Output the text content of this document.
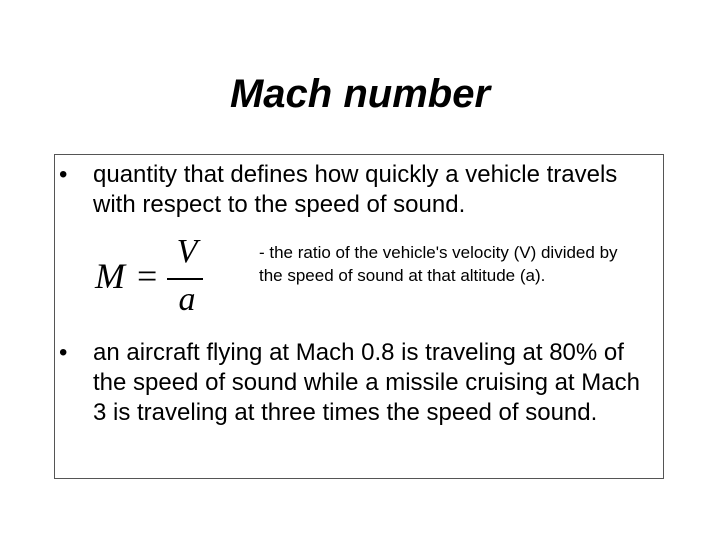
Mach number
•	quantity that defines how quickly a vehicle travels with respect to the speed of sound.
M =
V
a

- the ratio of the vehicle's velocity (V) divided by the speed of sound at that altitude (a).

•	an aircraft flying at Mach 0.8 is traveling at 80% of the speed of sound while a missile cruising at Mach 3 is traveling at three times the speed of sound.
